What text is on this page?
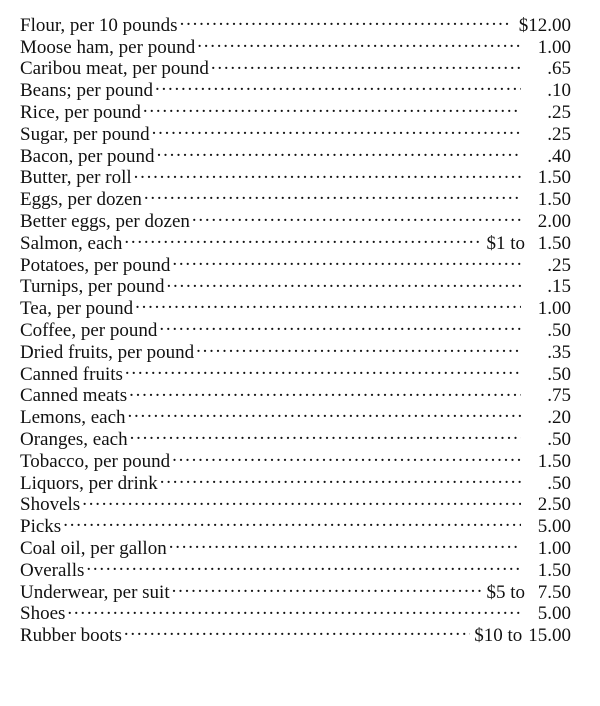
Flour, per 10 pounds . . .	$12.00
Moose ham, per pound . . .	1.00
Caribou meat, per pound . . .	.65
Beans; per pound . . .	.10
Rice, per pound . . .	.25
Sugar, per pound . . .	.25
Bacon, per pound . . .	.40
Butter, per roll . . .	1.50
Eggs, per dozen . . .	1.50
Better eggs, per dozen . . .	2.00
Salmon, each . . .	$1 to 1.50
Potatoes, per pound . . .	.25
Turnips, per pound . . .	.15
Tea, per pound . . .	1.00
Coffee, per pound . . .	.50
Dried fruits, per pound . . .	.35
Canned fruits . . .	.50
Canned meats . . .	.75
Lemons, each . . .	.20
Oranges, each . . .	.50
Tobacco, per pound . . .	1.50
Liquors, per drink . . .	.50
Shovels . . .	2.50
Picks . . .	5.00
Coal oil, per gallon . . .	1.00
Overalls . . .	1.50
Underwear, per suit . . .	$5 to 7.50
Shoes . . .	5.00
Rubber boots . . .	$10 to 15.00
